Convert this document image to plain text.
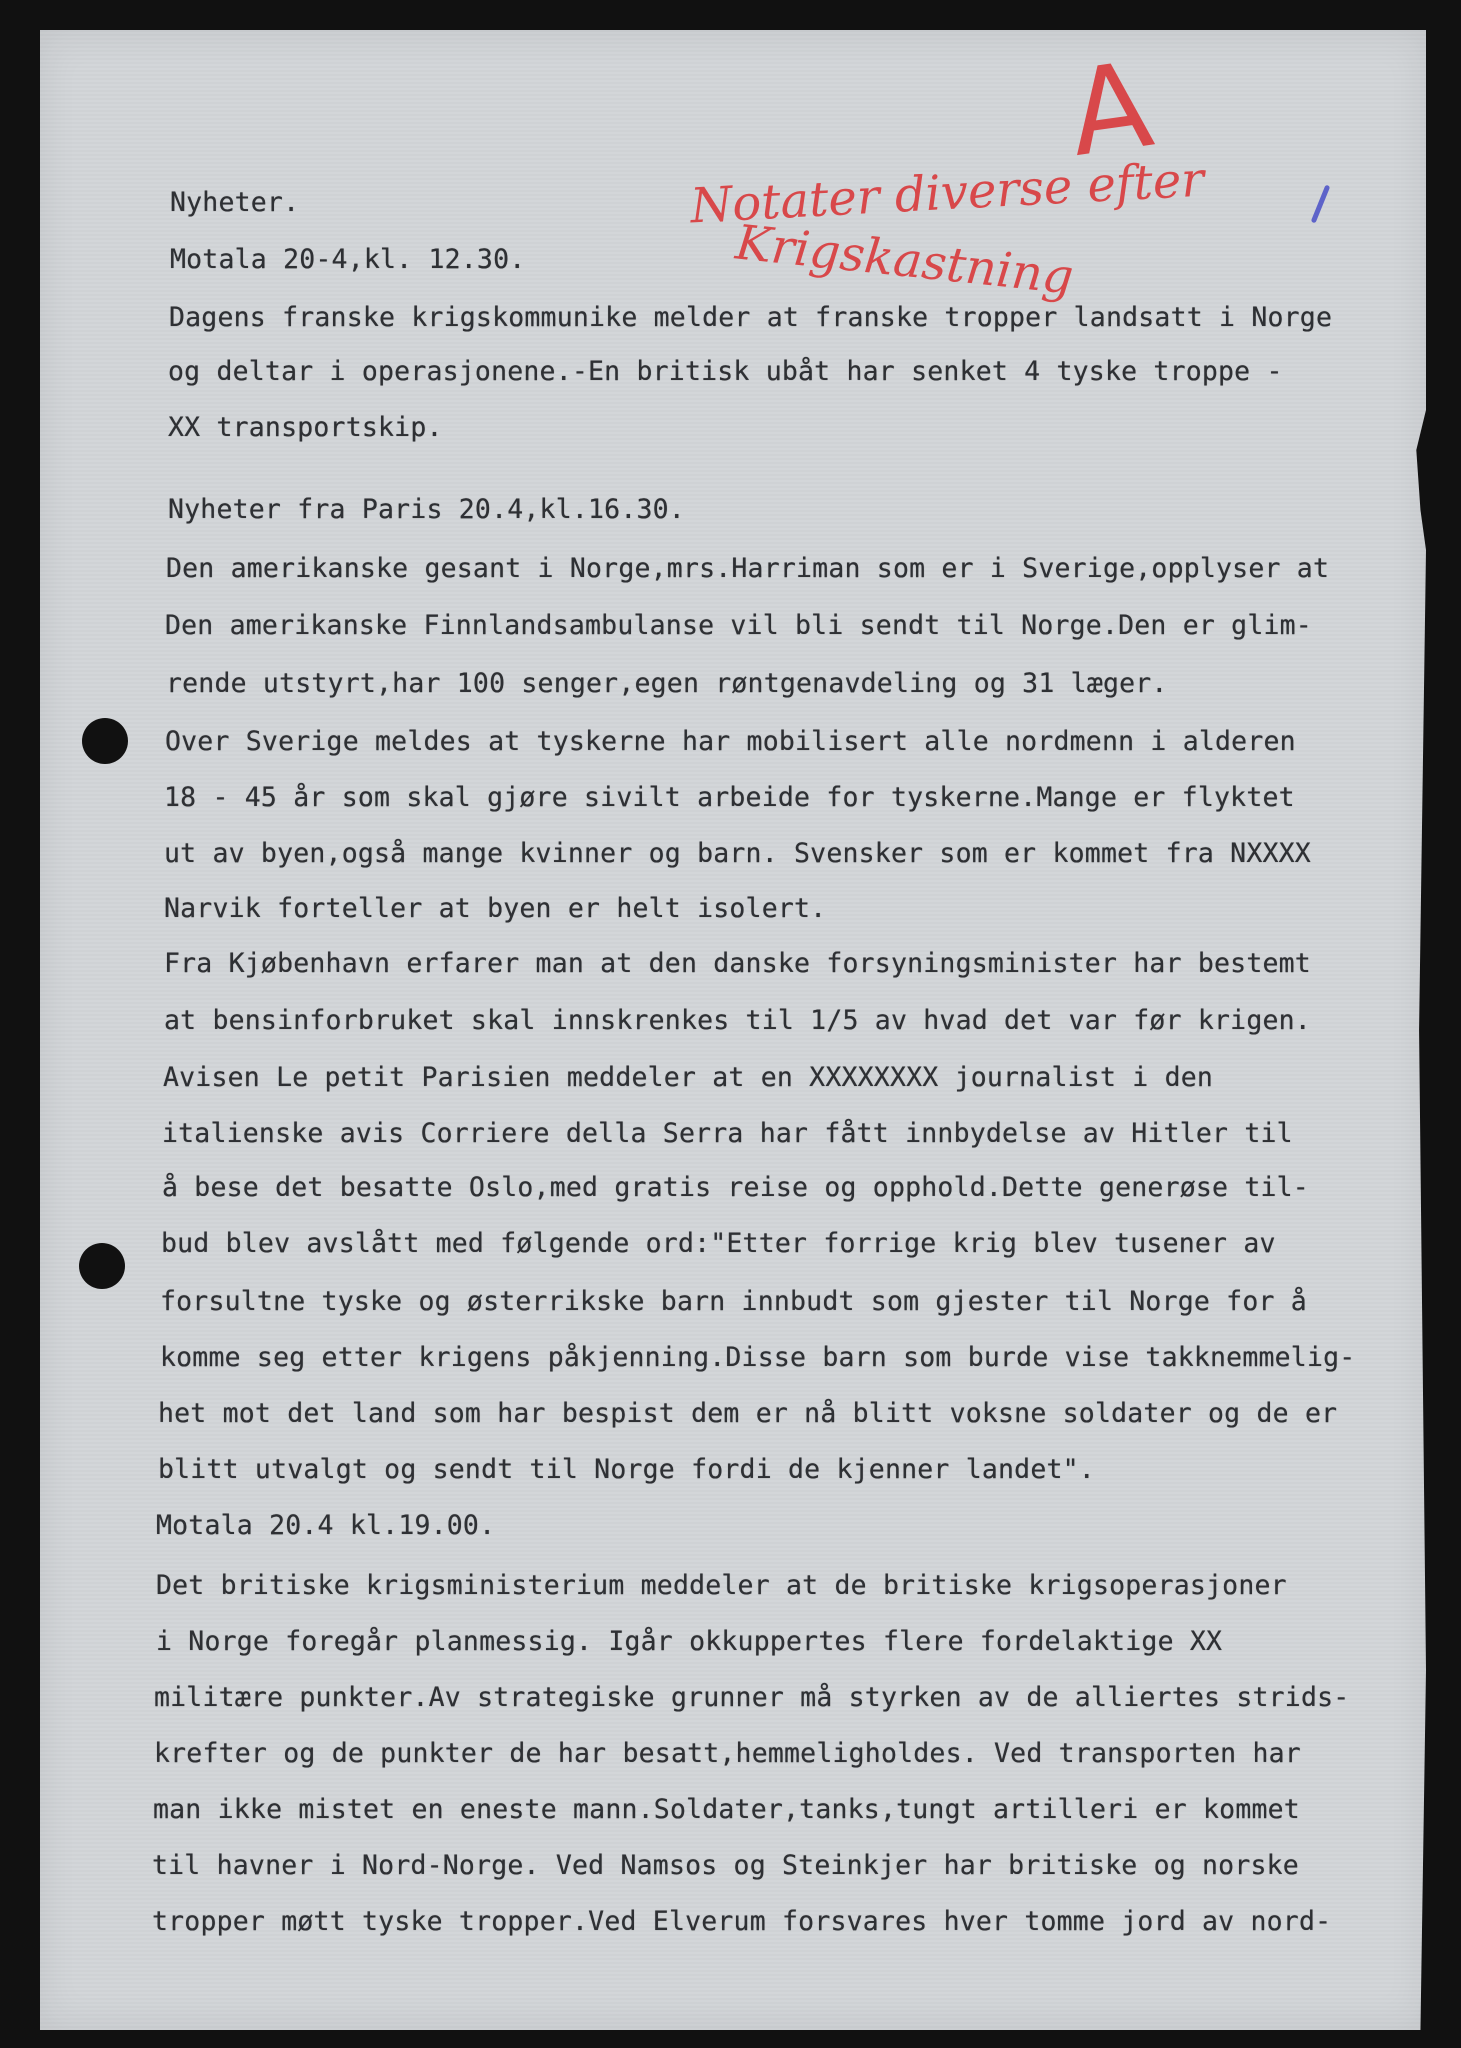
A
Notater diverse efter
Krigskastning
Nyheter.
Motala 20-4,kl. 12.30.
Dagens franske krigskommunike melder at franske tropper landsatt i Norge
og deltar i operasjonene.-En britisk ubåt har senket 4 tyske troppe -
XX transportskip.
Nyheter fra Paris 20.4,kl.16.30.
Den amerikanske gesant i Norge,mrs.Harriman som er i Sverige,opplyser at
Den amerikanske Finnlandsambulanse vil bli sendt til Norge.Den er glim-
rende utstyrt,har 100 senger,egen røntgenavdeling og 31 læger.
Over Sverige meldes at tyskerne har mobilisert alle nordmenn i alderen
18 - 45 år som skal gjøre sivilt arbeide for tyskerne.Mange er flyktet
ut av byen,også mange kvinner og barn. Svensker som er kommet fra NXXXX
Narvik forteller at byen er helt isolert.
Fra Kjøbenhavn erfarer man at den danske forsyningsminister har bestemt
at bensinforbruket skal innskrenkes til 1/5 av hvad det var før krigen.
Avisen Le petit Parisien meddeler at en XXXXXXXX journalist i den
italienske avis Corriere della Serra har fått innbydelse av Hitler til
å bese det besatte Oslo,med gratis reise og opphold.Dette generøse til-
bud blev avslått med følgende ord:"Etter forrige krig blev tusener av
forsultne tyske og østerrikske barn innbudt som gjester til Norge for å
komme seg etter krigens påkjenning.Disse barn som burde vise takknemmelig-
het mot det land som har bespist dem er nå blitt voksne soldater og de er
blitt utvalgt og sendt til Norge fordi de kjenner landet".
Motala 20.4 kl.19.00.
Det britiske krigsministerium meddeler at de britiske krigsoperasjoner
i Norge foregår planmessig. Igår okkuppertes flere fordelaktige XX
militære punkter.Av strategiske grunner må styrken av de alliertes strids-
krefter og de punkter de har besatt,hemmeligholdes. Ved transporten har
man ikke mistet en eneste mann.Soldater,tanks,tungt artilleri er kommet
til havner i Nord-Norge. Ved Namsos og Steinkjer har britiske og norske
tropper møtt tyske tropper.Ved Elverum forsvares hver tomme jord av nord-
